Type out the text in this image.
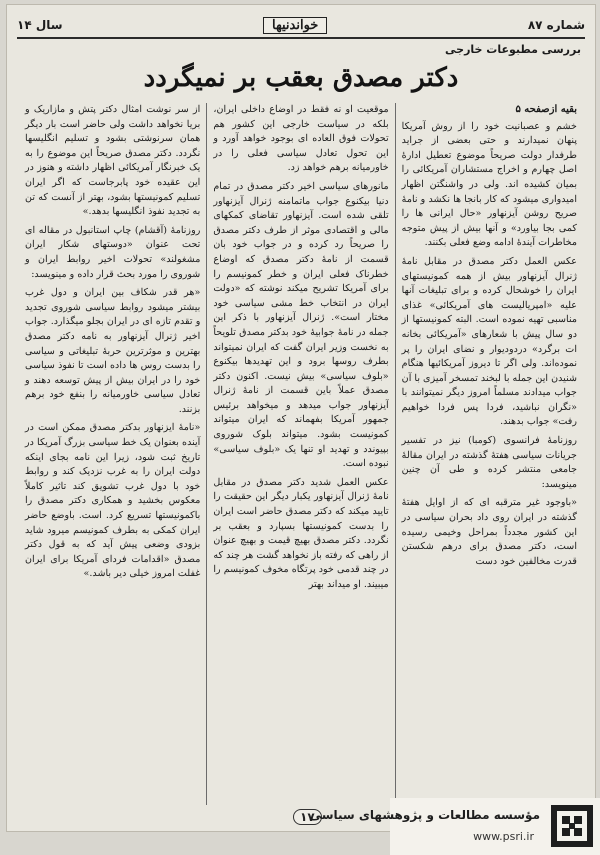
شماره ۸۷
خواندنیها
سال ۱۴
بررسی مطبوعات خارجی
دکتر مصدق بعقب بر نمیگردد
بقیه ازصفحه ۵

خشم و عصبانیت خود را از روش آمریکا پنهان نمیدارند و حتی بعضی از جراید طرفدار دولت صریحاً موضوع تعطیل ادارهٔ اصل چهارم و اخراج مستشاران آمریکائی را بمیان کشیده اند. ولی در واشنگتن اظهار امیدواری میشود که کار بانجا ها نکشد و نامهٔ صریح روشن آیزنهاور «حال ایرانی ها را کمی بجا بیاورد» و آنها بیش از پیش متوجه مخاطرات آیندهٔ ادامه وضع فعلی بکنند.

عکس العمل دکتر مصدق در مقابل نامهٔ ژنرال آیزنهاور بیش از همه کمونیستهای ایران را خوشحال کرده و برای تبلیغات آنها علیه «امپریالیست های آمریکائی» غذای مناسبی تهیه نموده است. البته کمونیستها از دو سال پیش با شعارهای «آمریکائی بخانه ات برگرد» دردودیوار و نضای ایران را پر نموده‌اند. ولی اگر تا دیروز آمریکائیها هنگام شنیدن این جمله با لبخند تمسخر آمیزی با آن جواب میدادند مسلماً امروز دیگر نمیتوانند با «نگران نباشید، فردا پس فردا خواهیم رفت» جواب بدهند.

روزنامهٔ فرانسوی (کومبا) نیز در تفسیر جریانات سیاسی هفتهٔ گذشته در ایران مقالهٔ جامعی منتشر کرده و طی آن چنین مینویسد:

«باوجود غیر مترقبه ای که از اوایل هفتهٔ گذشته در ایران روی داد بحران سیاسی در این کشور مجدداً بمراحل وخیمی رسیده است، دکتر مصدق برای درهم شکستن قدرت مخالفین خود دست

موقعیت او نه فقط در اوضاع داخلی ایران، بلکه در سیاست خارجی این کشور هم تحولات فوق العاده ای بوجود خواهد آورد و این تحول تعادل سیاسی فعلی را در خاورمیانه برهم خواهد زد.

مانورهای سیاسی اخیر دکتر مصدق در تمام دنیا بیکنوع جواب ماتمامنه ژنرال آیزنهاور تلقی شده است. آیزنهاور تقاضای کمکهای مالی و اقتصادی موثر از طرف دکتر مصدق را صریحاً رد کرده و در جواب خود بان قسمت از نامهٔ دکتر مصدق که اوضاع خطرناک فعلی ایران و خطر کمونیسم را برای آمریکا تشریح میکند نوشته که «دولت ایران در انتخاب خط مشی سیاسی خود مختار است». ژنرال آیزنهاور با ذکر این جمله در نامهٔ جوابیهٔ خود بدکتر مصدق تلویحاً به نخست وزیر ایران گفت که ایران نمیتواند بطرف روسها برود و این تهدیدها بیکنوع «بلوف سیاسی» بیش نیست. اکنون دکتر مصدق عملاً باین قسمت از نامهٔ ژنرال آیزنهاور جواب میدهد و میخواهد برئیس جمهور آمریکا بفهماند که ایران میتواند کمونیست بشود. میتواند بلوک شوروی بپیوندد و تهدید او تنها یک «بلوف سیاسی» نبوده است.

عکس العمل شدید دکتر مصدق در مقابل نامهٔ ژنرال آیزنهاور یکبار دیگر این حقیقت را تایید میکند که دکتر مصدق حاضر است ایران را بدست کمونیستها بسپارد و بعقب بر نگردد. دکتر مصدق بهیچ قیمت و بهیچ عنوان از راهی که رفته باز نخواهد گشت هر چند که در چند قدمی خود پرتگاه مخوف کمونیسم را میبیند. او میداند بهتر

از سر نوشت امثال دکتر پتش و مازاریک و بریا نخواهد داشت ولی حاضر است بار دیگر همان سرنوشتی بشود و تسلیم انگلیسها نگردد. دکتر مصدق صریحاً این موضوع را به یک خبرنگار آمریکائی اظهار داشته و هنوز در این عقیده خود پابرجاست که اگر ایران تسلیم کمونیستها بشود، بهتر از آنست که تن به تجدید نفوذ انگلیسها بدهد.»

روزنامهٔ (آقشام) چاپ استانبول در مقاله ای تحت عنوان «دوستهای شکار ایران مشغولند» تحولات اخیر روابط ایران و شوروی را مورد بحث قرار داده و مینویسد:

«هر قدر شکاف بین ایران و دول غرب بیشتر میشود روابط سیاسی شوروی تجدید و تقدم تازه ای در ایران بجلو میگذارد. جواب اخیر ژنرال آیزنهاور به نامه دکتر مصدق بهترین و موثرترین حربهٔ تبلیغاتی و سیاسی را بدست روس ها داده است تا نفوذ سیاسی خود را در ایران بیش از پیش توسعه دهند و تعادل سیاسی خاورمیانه را بنفع خود برهم بزنند.

«نامهٔ ایزنهاور بدکتر مصدق ممکن است در آینده بعنوان یک خط سیاسی بزرگ آمریکا در تاریخ ثبت شود، زیرا این نامه بجای اینکه دولت ایران را به غرب نزدیک کند و روابط خود با دول غرب تشویق کند تاثیر کاملاً معکوس بخشید و همکاری دکتر مصدق را باکمونیستها تسریع کرد. است. باوضع حاضر ایران کمکی به بطرف کمونیسم میرود شاید بزودی وضعی پیش آید که به قول دکتر مصدق «اقدامات فردای آمریکا برای ایران غفلت امروز خیلی دیر باشد.»

۱۷
مؤسسه مطالعات و پژوهشهای سیاسی
www.psri.ir
